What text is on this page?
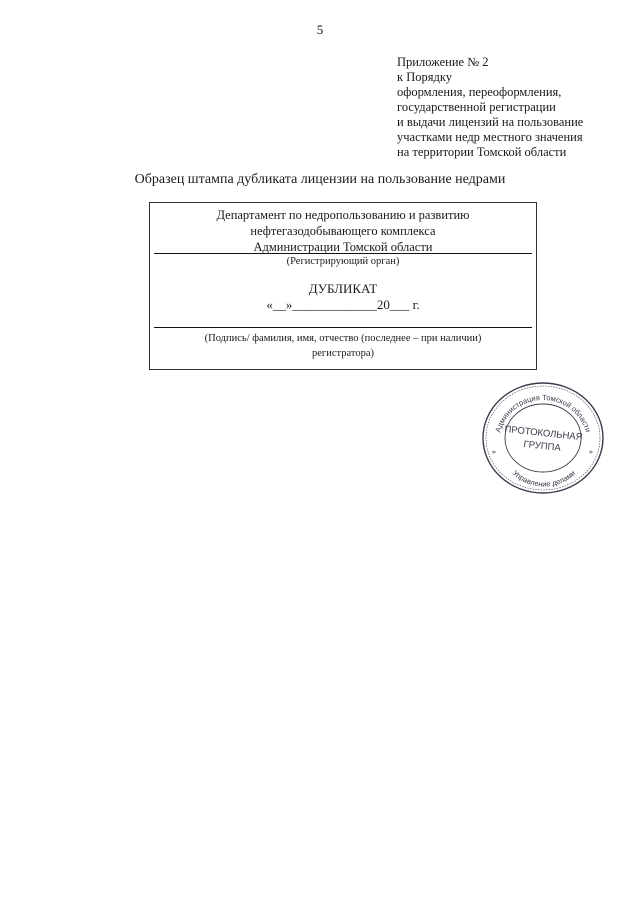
5
Приложение № 2
к Порядку
оформления, переоформления,
государственной регистрации
и выдачи лицензий на пользование
участками недр местного значения
на территории Томской области
Образец штампа дубликата лицензии на пользование недрами
Департамент по недропользованию и развитию
нефтегазодобывающего комплекса
Администрации Томской области
(Регистрирующий орган)
ДУБЛИКАТ
«__»_____________20___ г.
(Подпись/ фамилия, имя, отчество (последнее – при наличии)
регистратора)
*	*
Администрация Томской области
Управление делами
ПРОТОКОЛЬНАЯ
ГРУППА
